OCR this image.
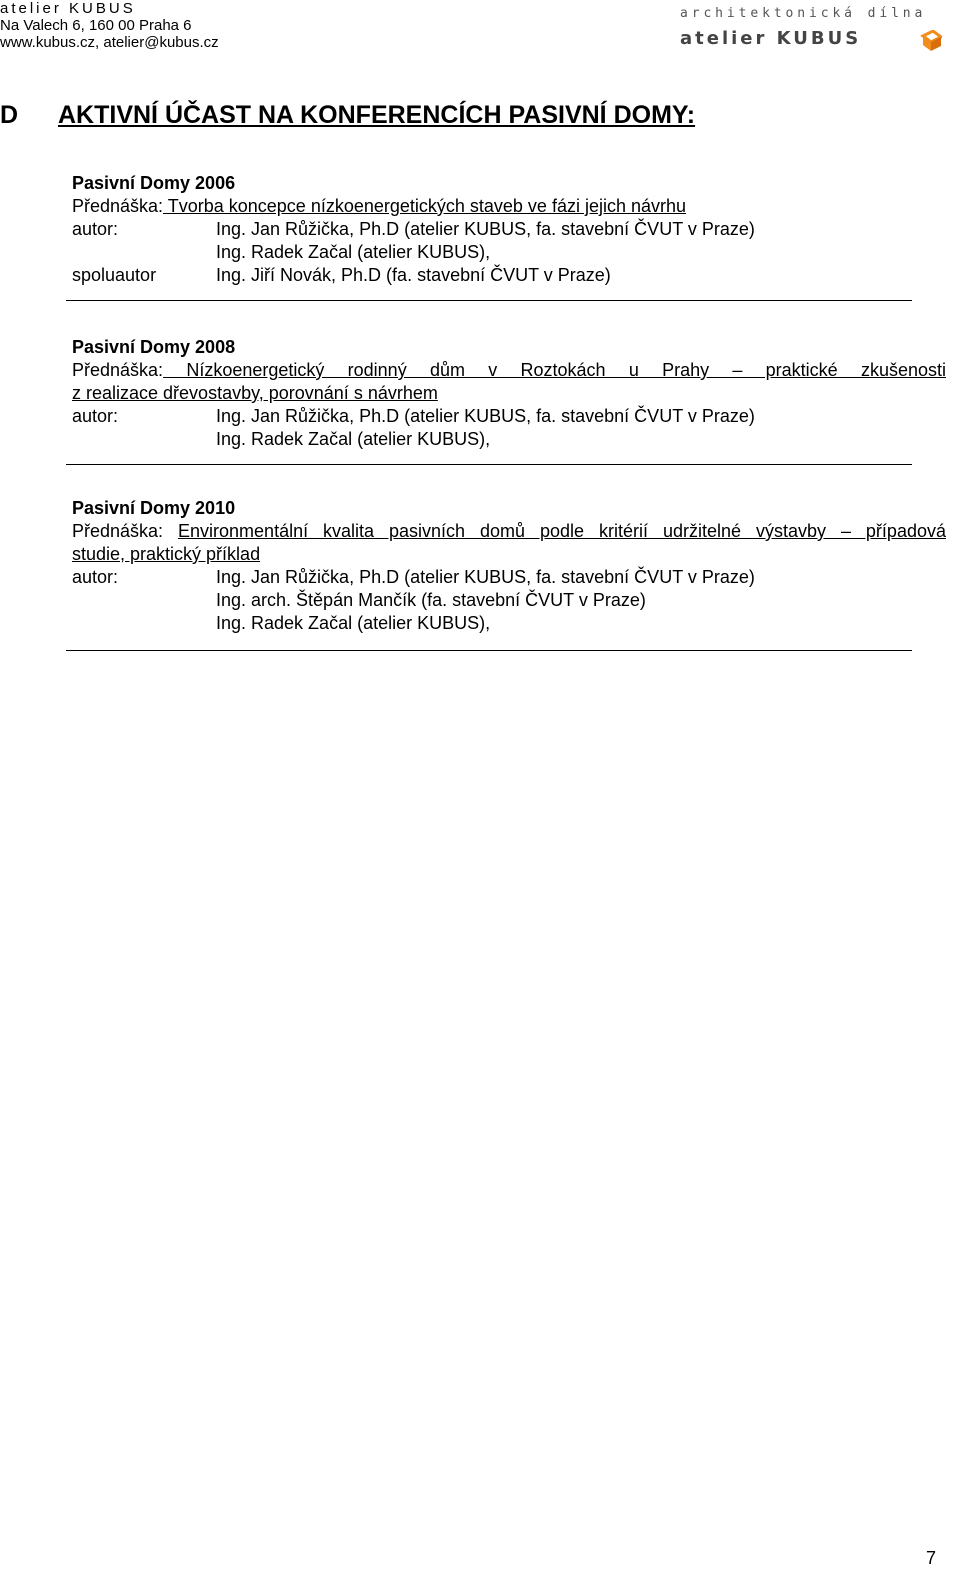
atelier KUBUS
Na Valech 6, 160 00 Praha 6
www.kubus.cz, atelier@kubus.cz
architektonická dílna
atelier KUBUS
D AKTIVNÍ ÚČAST NA KONFERENCÍCH PASIVNÍ DOMY:
Pasivní Domy 2006
Přednáška: Tvorba koncepce nízkoenergetických staveb ve fázi jejich návrhu
autor:	Ing. Jan Růžička, Ph.D (atelier KUBUS, fa. stavební ČVUT v Praze)
Ing. Radek Začal (atelier KUBUS),
spoluautor	Ing. Jiří Novák, Ph.D (fa. stavební ČVUT v Praze)
Pasivní Domy 2008
Přednáška: Nízkoenergetický rodinný dům v Roztokách u Prahy – praktické zkušenosti
z realizace dřevostavby, porovnání s návrhem
autor:	Ing. Jan Růžička, Ph.D (atelier KUBUS, fa. stavební ČVUT v Praze)
Ing. Radek Začal (atelier KUBUS),
Pasivní Domy 2010
Přednáška: Environmentální kvalita pasivních domů podle kritérií udržitelné výstavby – případová
studie, praktický příklad
autor:	Ing. Jan Růžička, Ph.D (atelier KUBUS, fa. stavební ČVUT v Praze)
Ing. arch. Štěpán Mančík (fa. stavební ČVUT v Praze)
Ing. Radek Začal (atelier KUBUS),
7
